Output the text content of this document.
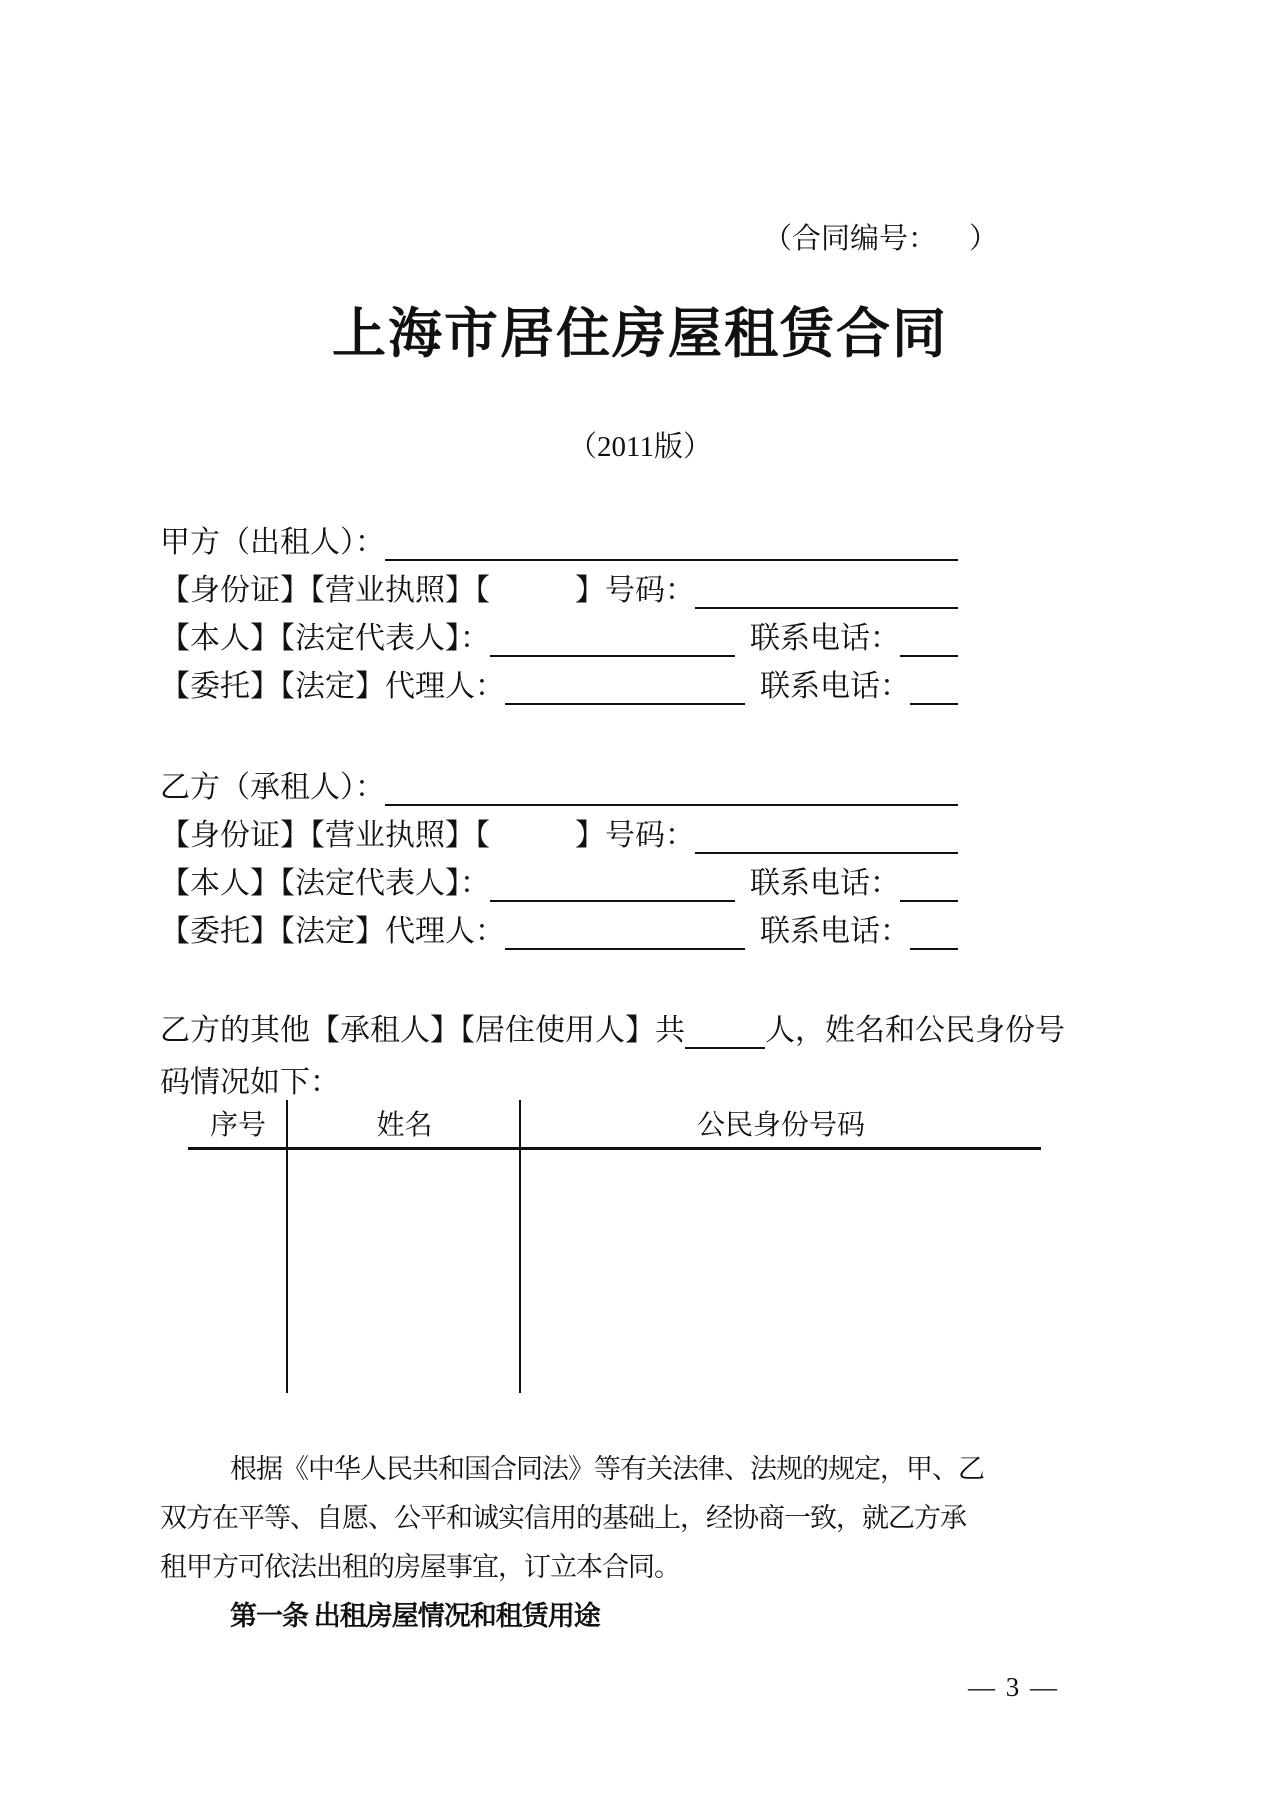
（合同编号： ）
上海市居住房屋租赁合同
（2011版）
甲方（出租人）：
【身份证】【营业执照】【	】号码：
【本人】【法定代表人】：	联系电话：
【委托】【法定】代理人：	联系电话：
乙方（承租人）：
【身份证】【营业执照】【	】号码：
【本人】【法定代表人】：	联系电话：
【委托】【法定】代理人：	联系电话：
乙方的其他【承租人】【居住使用人】共	人，姓名和公民身份号
码情况如下：
序号	姓名	公民身份号码
根据《中华人民共和国合同法》等有关法律、法规的规定，甲、乙
双方在平等、自愿、公平和诚实信用的基础上，经协商一致，就乙方承
租甲方可依法出租的房屋事宜，订立本合同。
第一条 出租房屋情况和租赁用途
— 3 —
